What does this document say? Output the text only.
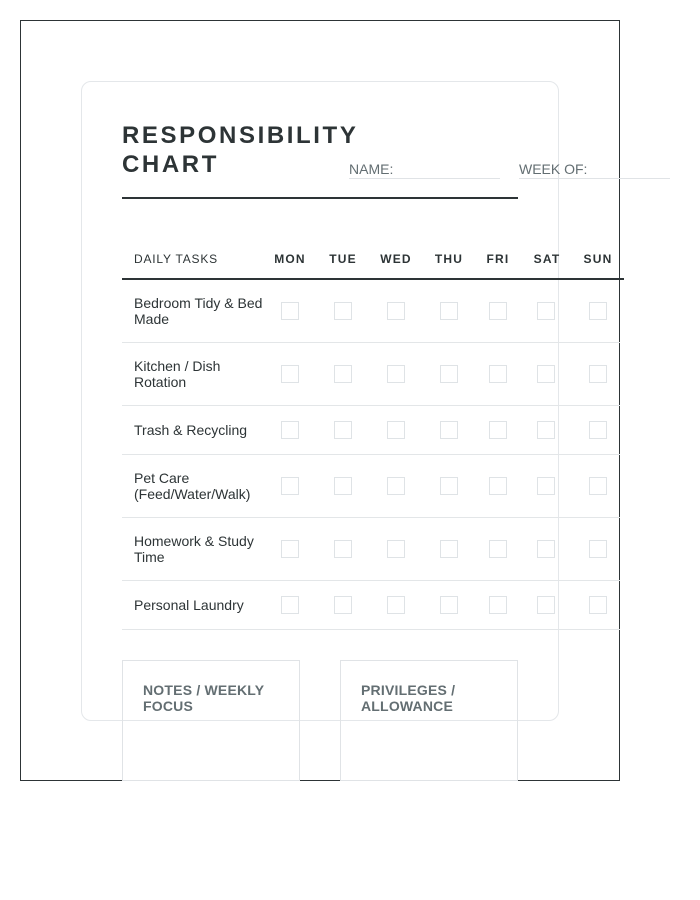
RESPONSIBILITY CHART	NAME:	WEEK OF:
DAILY TASKS	MON	TUE	WED	THU	FRI	SAT	SUN
Bedroom Tidy & Bed Made
Kitchen / Dish Rotation
Trash & Recycling
Pet Care (Feed/Water/Walk)
Homework & Study Time
Personal Laundry
NOTES / WEEKLY FOCUS
PRIVILEGES / ALLOWANCE
